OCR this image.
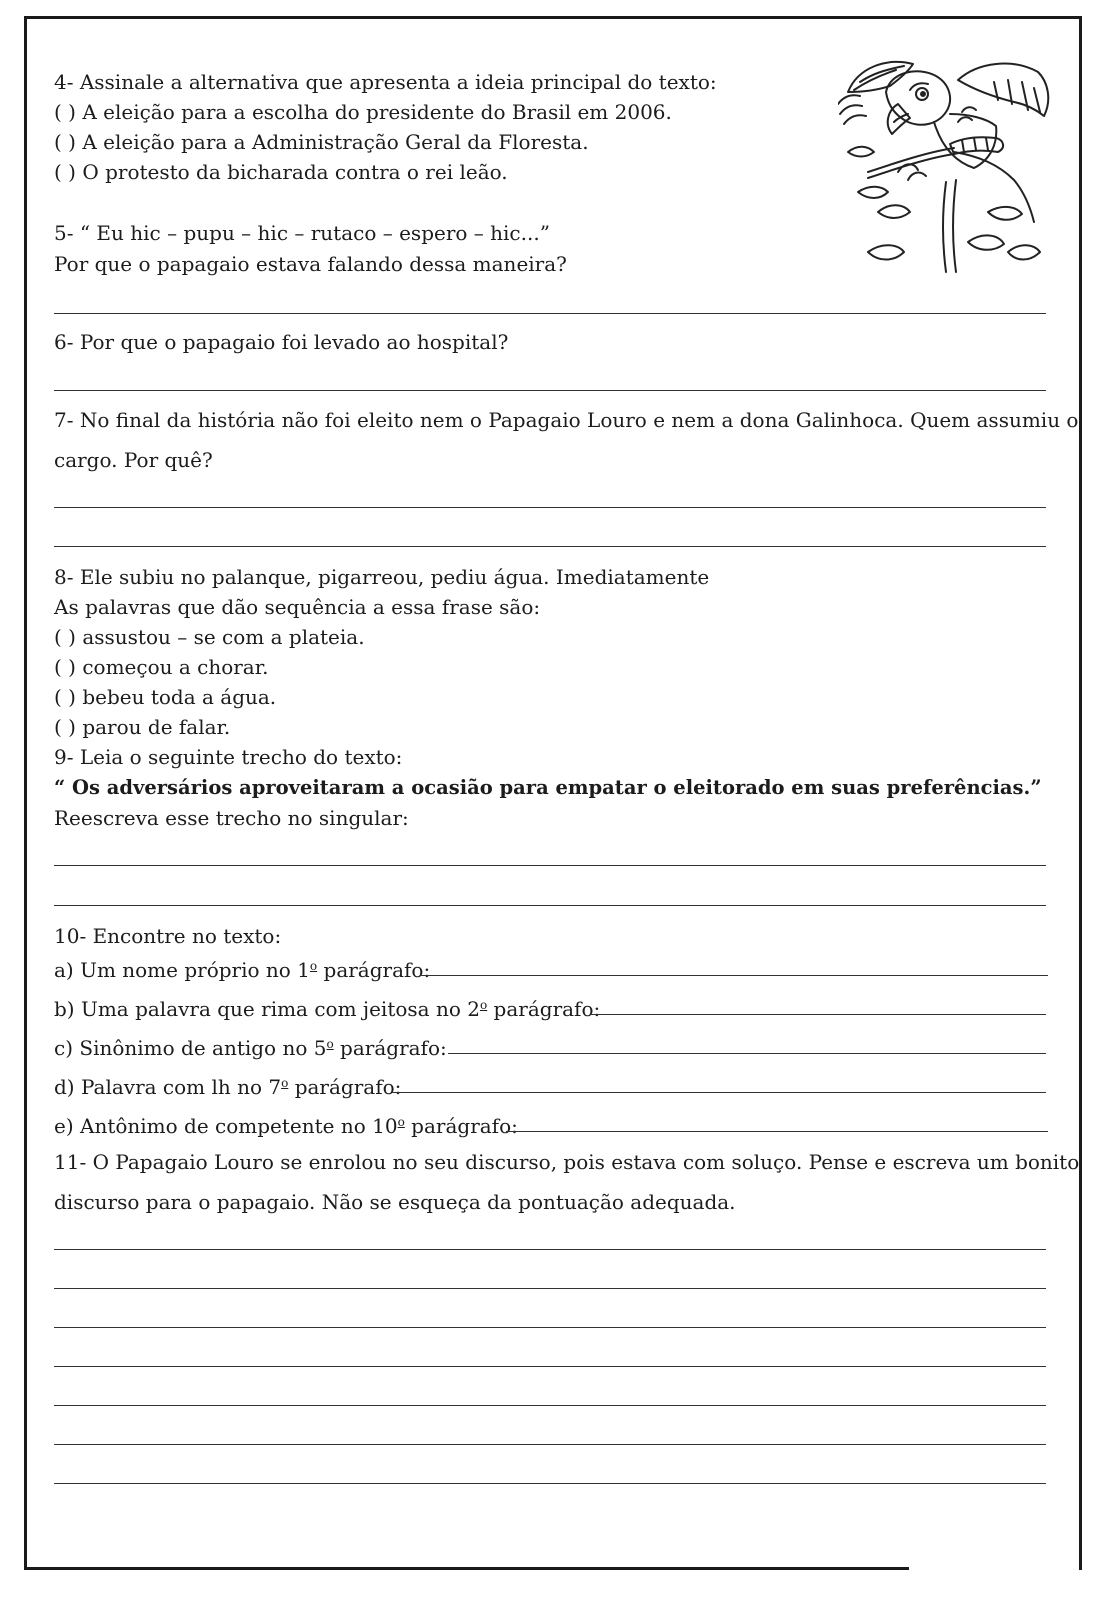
4- Assinale a alternativa que apresenta a ideia principal do texto:
( ) A eleição para a escolha do presidente do Brasil em 2006.
( ) A eleição para a Administração Geral da Floresta.
( ) O protesto da bicharada contra o rei leão.
5- “ Eu hic – pupu – hic – rutaco – espero – hic...”
Por que o papagaio estava falando dessa maneira?
6- Por que o papagaio foi levado ao hospital?
7- No final da história não foi eleito nem o Papagaio Louro e nem a dona Galinhoca. Quem assumiu o
cargo. Por quê?
8- Ele subiu no palanque, pigarreou, pediu água. Imediatamente
As palavras que dão sequência a essa frase são:
( ) assustou – se com a plateia.
( ) começou a chorar.
( ) bebeu toda a água.
( ) parou de falar.
9- Leia o seguinte trecho do texto:
“ Os adversários aproveitaram a ocasião para empatar o eleitorado em suas preferências.”
Reescreva esse trecho no singular:
10- Encontre no texto:
a) Um nome próprio no 1$^o$ parágrafo:
b) Uma palavra que rima com jeitosa no 2$^o$ parágrafo:
c) Sinônimo de antigo no 5$^o$ parágrafo:
d) Palavra com lh no 7$^o$ parágrafo:
e) Antônimo de competente no 10$^o$ parágrafo:
11- O Papagaio Louro se enrolou no seu discurso, pois estava com soluço. Pense e escreva um bonito
discurso para o papagaio. Não se esqueça da pontuação adequada.
